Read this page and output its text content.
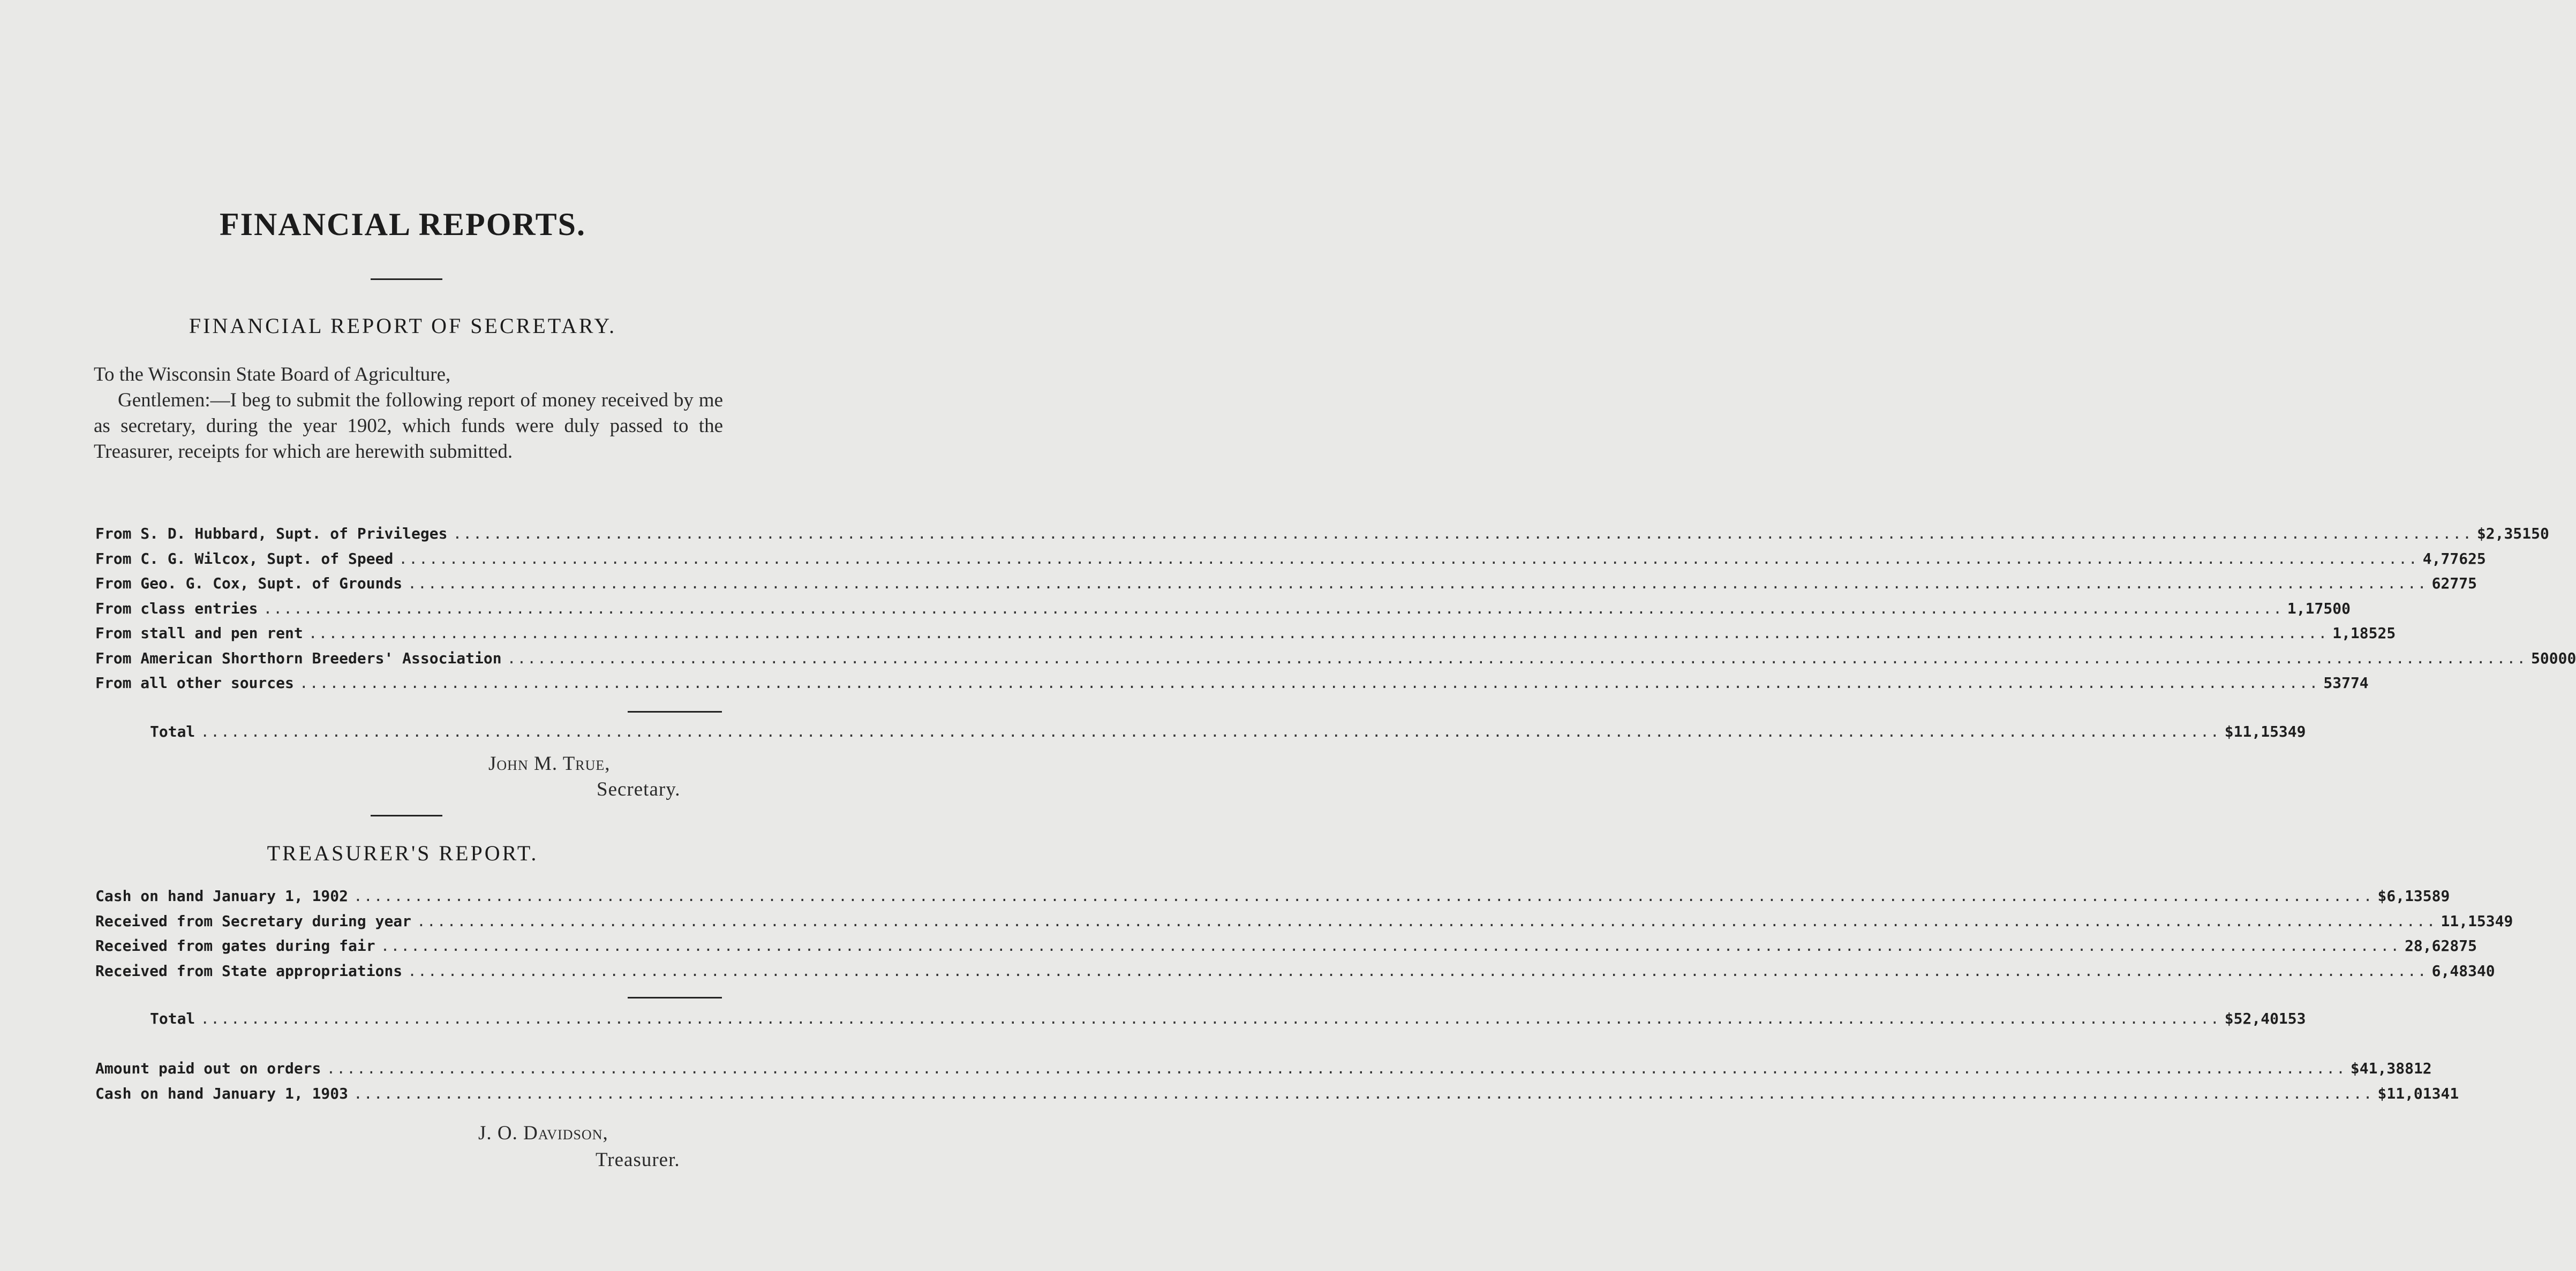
FINANCIAL REPORTS.
FINANCIAL REPORT OF SECRETARY.
To the Wisconsin State Board of Agriculture,
Gentlemen:—I beg to submit the following report of money received by me as secretary, during the year 1902, which funds were duly passed to the Treasurer, receipts for which are herewith submitted.
From S. D. Hubbard, Supt. of Privileges ........................................................................................................................................................................................................ $2,351 50
From C. G. Wilcox, Supt. of Speed ........................................................................................................................................................................................................ 4,776 25
From Geo. G. Cox, Supt. of Grounds ........................................................................................................................................................................................................ 627 75
From class entries ........................................................................................................................................................................................................ 1,175 00
From stall and pen rent ........................................................................................................................................................................................................ 1,185 25
From American Shorthorn Breeders' Association ........................................................................................................................................................................................................ 500 00
From all other sources ........................................................................................................................................................................................................ 537 74
Total ........................................................................................................................................................................................................ $11,153 49
John M. True,
Secretary.
TREASURER'S REPORT.
Cash on hand January 1, 1902 ........................................................................................................................................................................................................ $6,135 89
Received from Secretary during year ........................................................................................................................................................................................................ 11,153 49
Received from gates during fair ........................................................................................................................................................................................................ 28,628 75
Received from State appropriations ........................................................................................................................................................................................................ 6,483 40
Total ........................................................................................................................................................................................................ $52,401 53
Amount paid out on orders ........................................................................................................................................................................................................ $41,388 12
Cash on hand January 1, 1903 ........................................................................................................................................................................................................ $11,013 41
J. O. Davidson,
Treasurer.
